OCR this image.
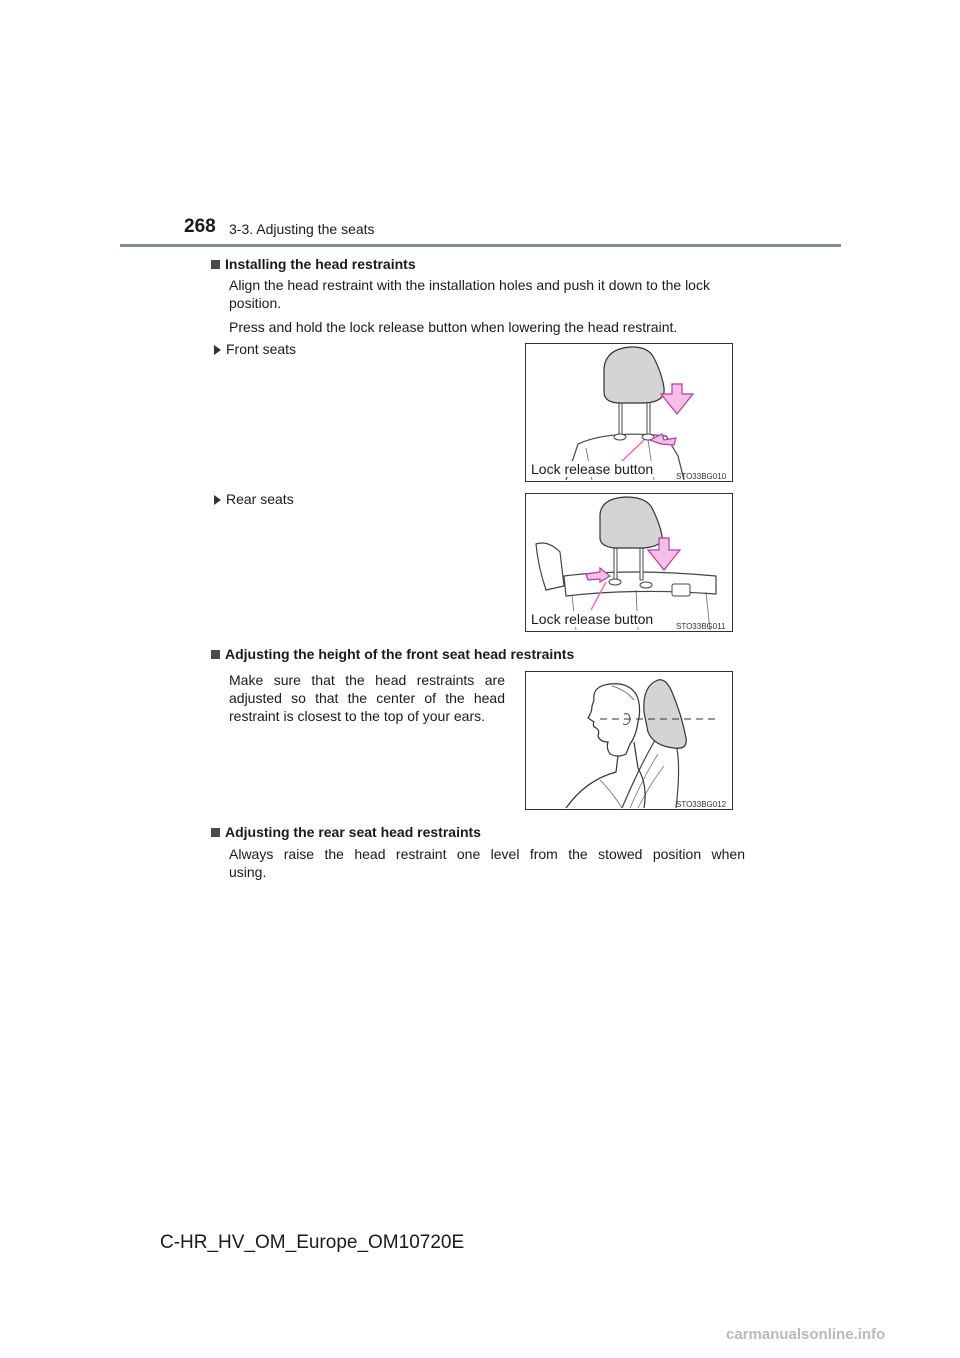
268 3-3. Adjusting the seats
Installing the head restraints
Align the head restraint with the installation holes and push it down to the lock
position.
Press and hold the lock release button when lowering the head restraint.
Front seats
Lock release button	STO33BG010
Rear seats
Lock release button	STO33BG011
Adjusting the height of the front seat head restraints
Make sure that the head restraints are
adjusted so that the center of the head
restraint is closest to the top of your ears.
STO33BG012
Adjusting the rear seat head restraints
Always raise the head restraint one level from the stowed position when
using.
C-HR_HV_OM_Europe_OM10720E
carmanualsonline.info
